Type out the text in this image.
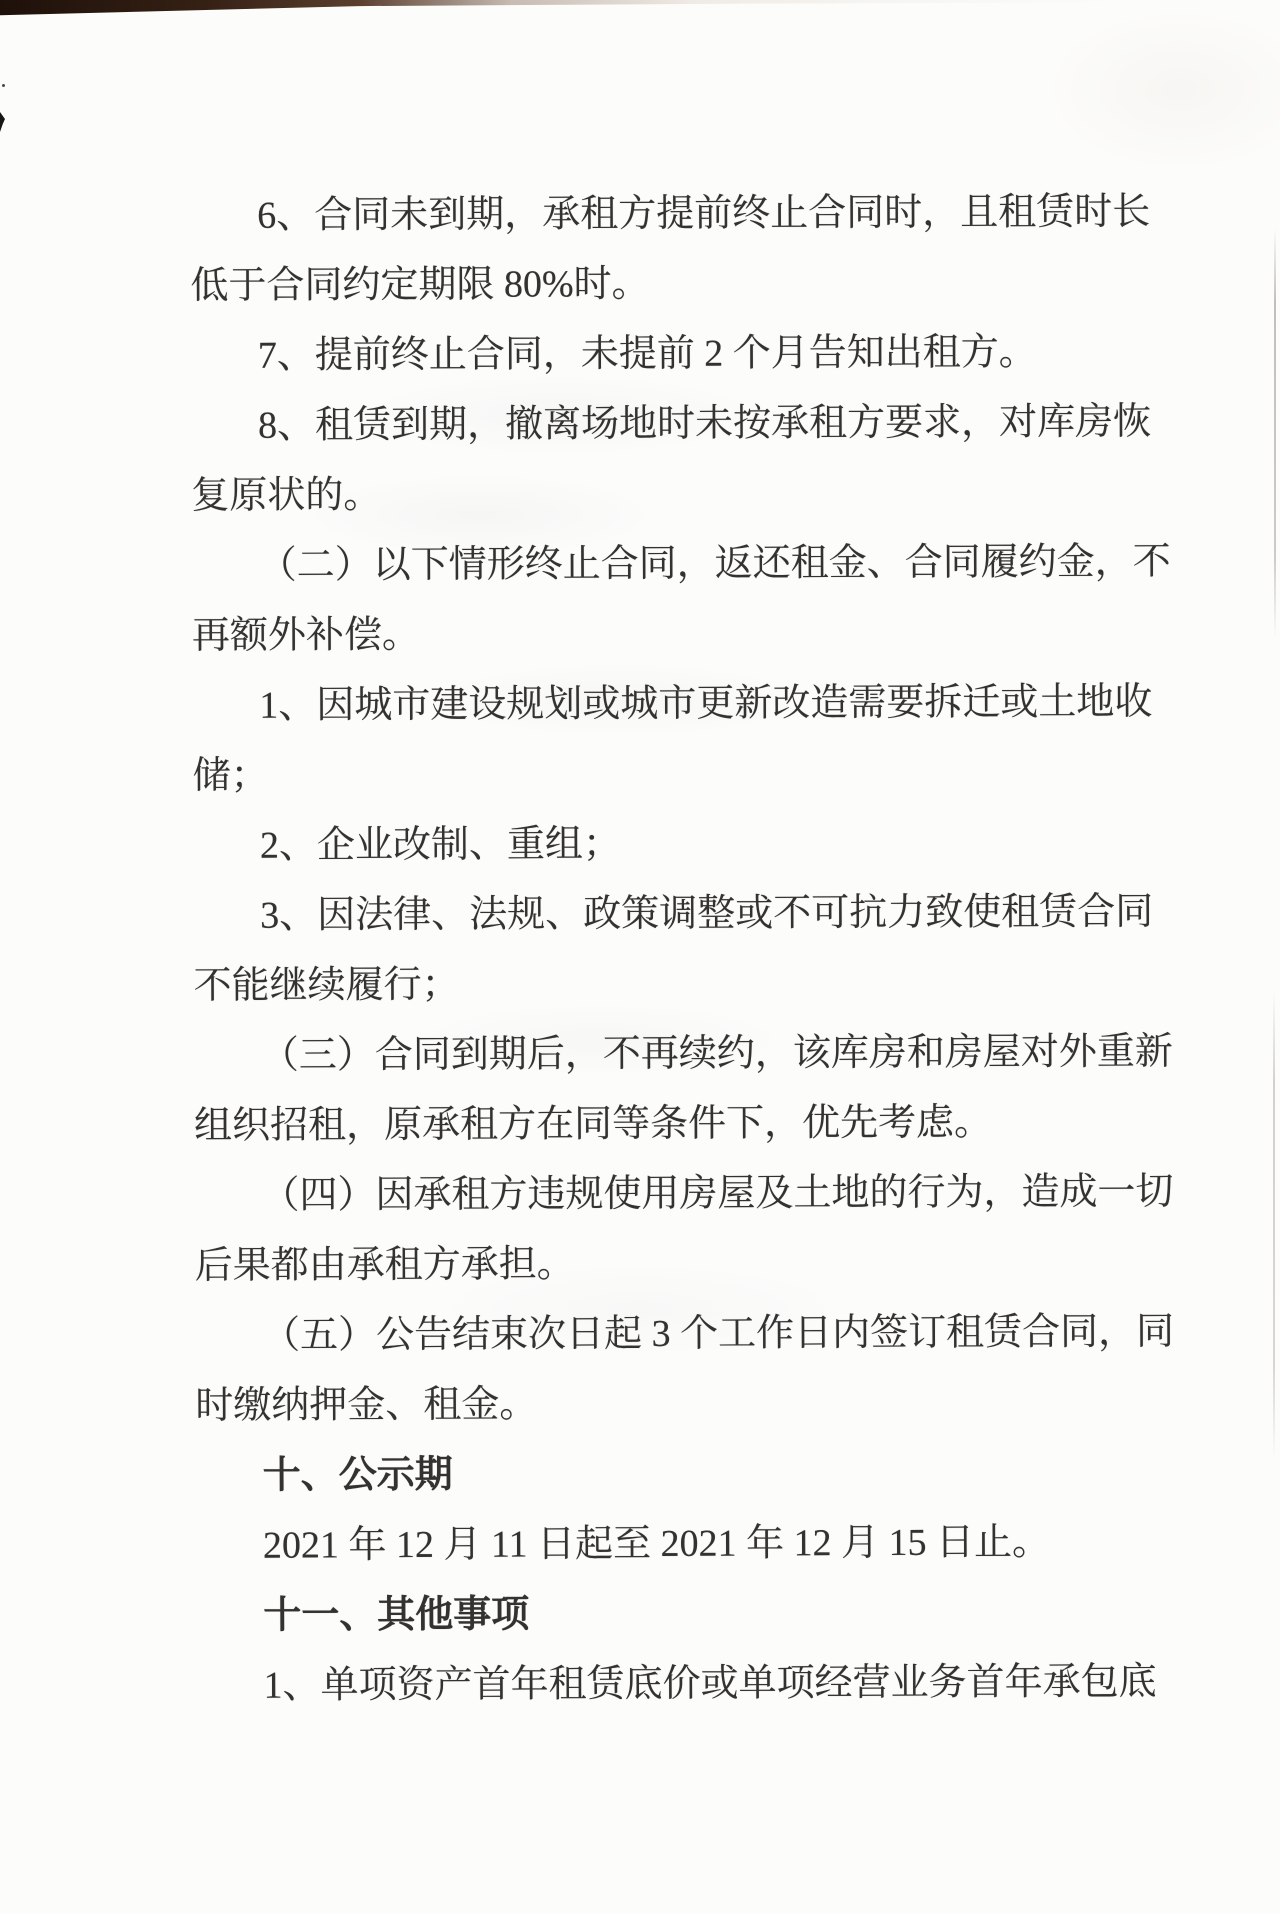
6、合同未到期，承租方提前终止合同时，且租赁时长
低于合同约定期限 80%时。
7、提前终止合同，未提前 2 个月告知出租方。
8、租赁到期，撤离场地时未按承租方要求，对库房恢
复原状的。
（二）以下情形终止合同，返还租金、合同履约金，不
再额外补偿。
1、因城市建设规划或城市更新改造需要拆迁或土地收
储；
2、企业改制、重组；
3、因法律、法规、政策调整或不可抗力致使租赁合同
不能继续履行；
（三）合同到期后，不再续约，该库房和房屋对外重新
组织招租，原承租方在同等条件下，优先考虑。
（四）因承租方违规使用房屋及土地的行为，造成一切
后果都由承租方承担。
（五）公告结束次日起 3 个工作日内签订租赁合同，同
时缴纳押金、租金。
十、公示期
2021 年 12 月 11 日起至 2021 年 12 月 15 日止。
十一、其他事项
1、单项资产首年租赁底价或单项经营业务首年承包底
